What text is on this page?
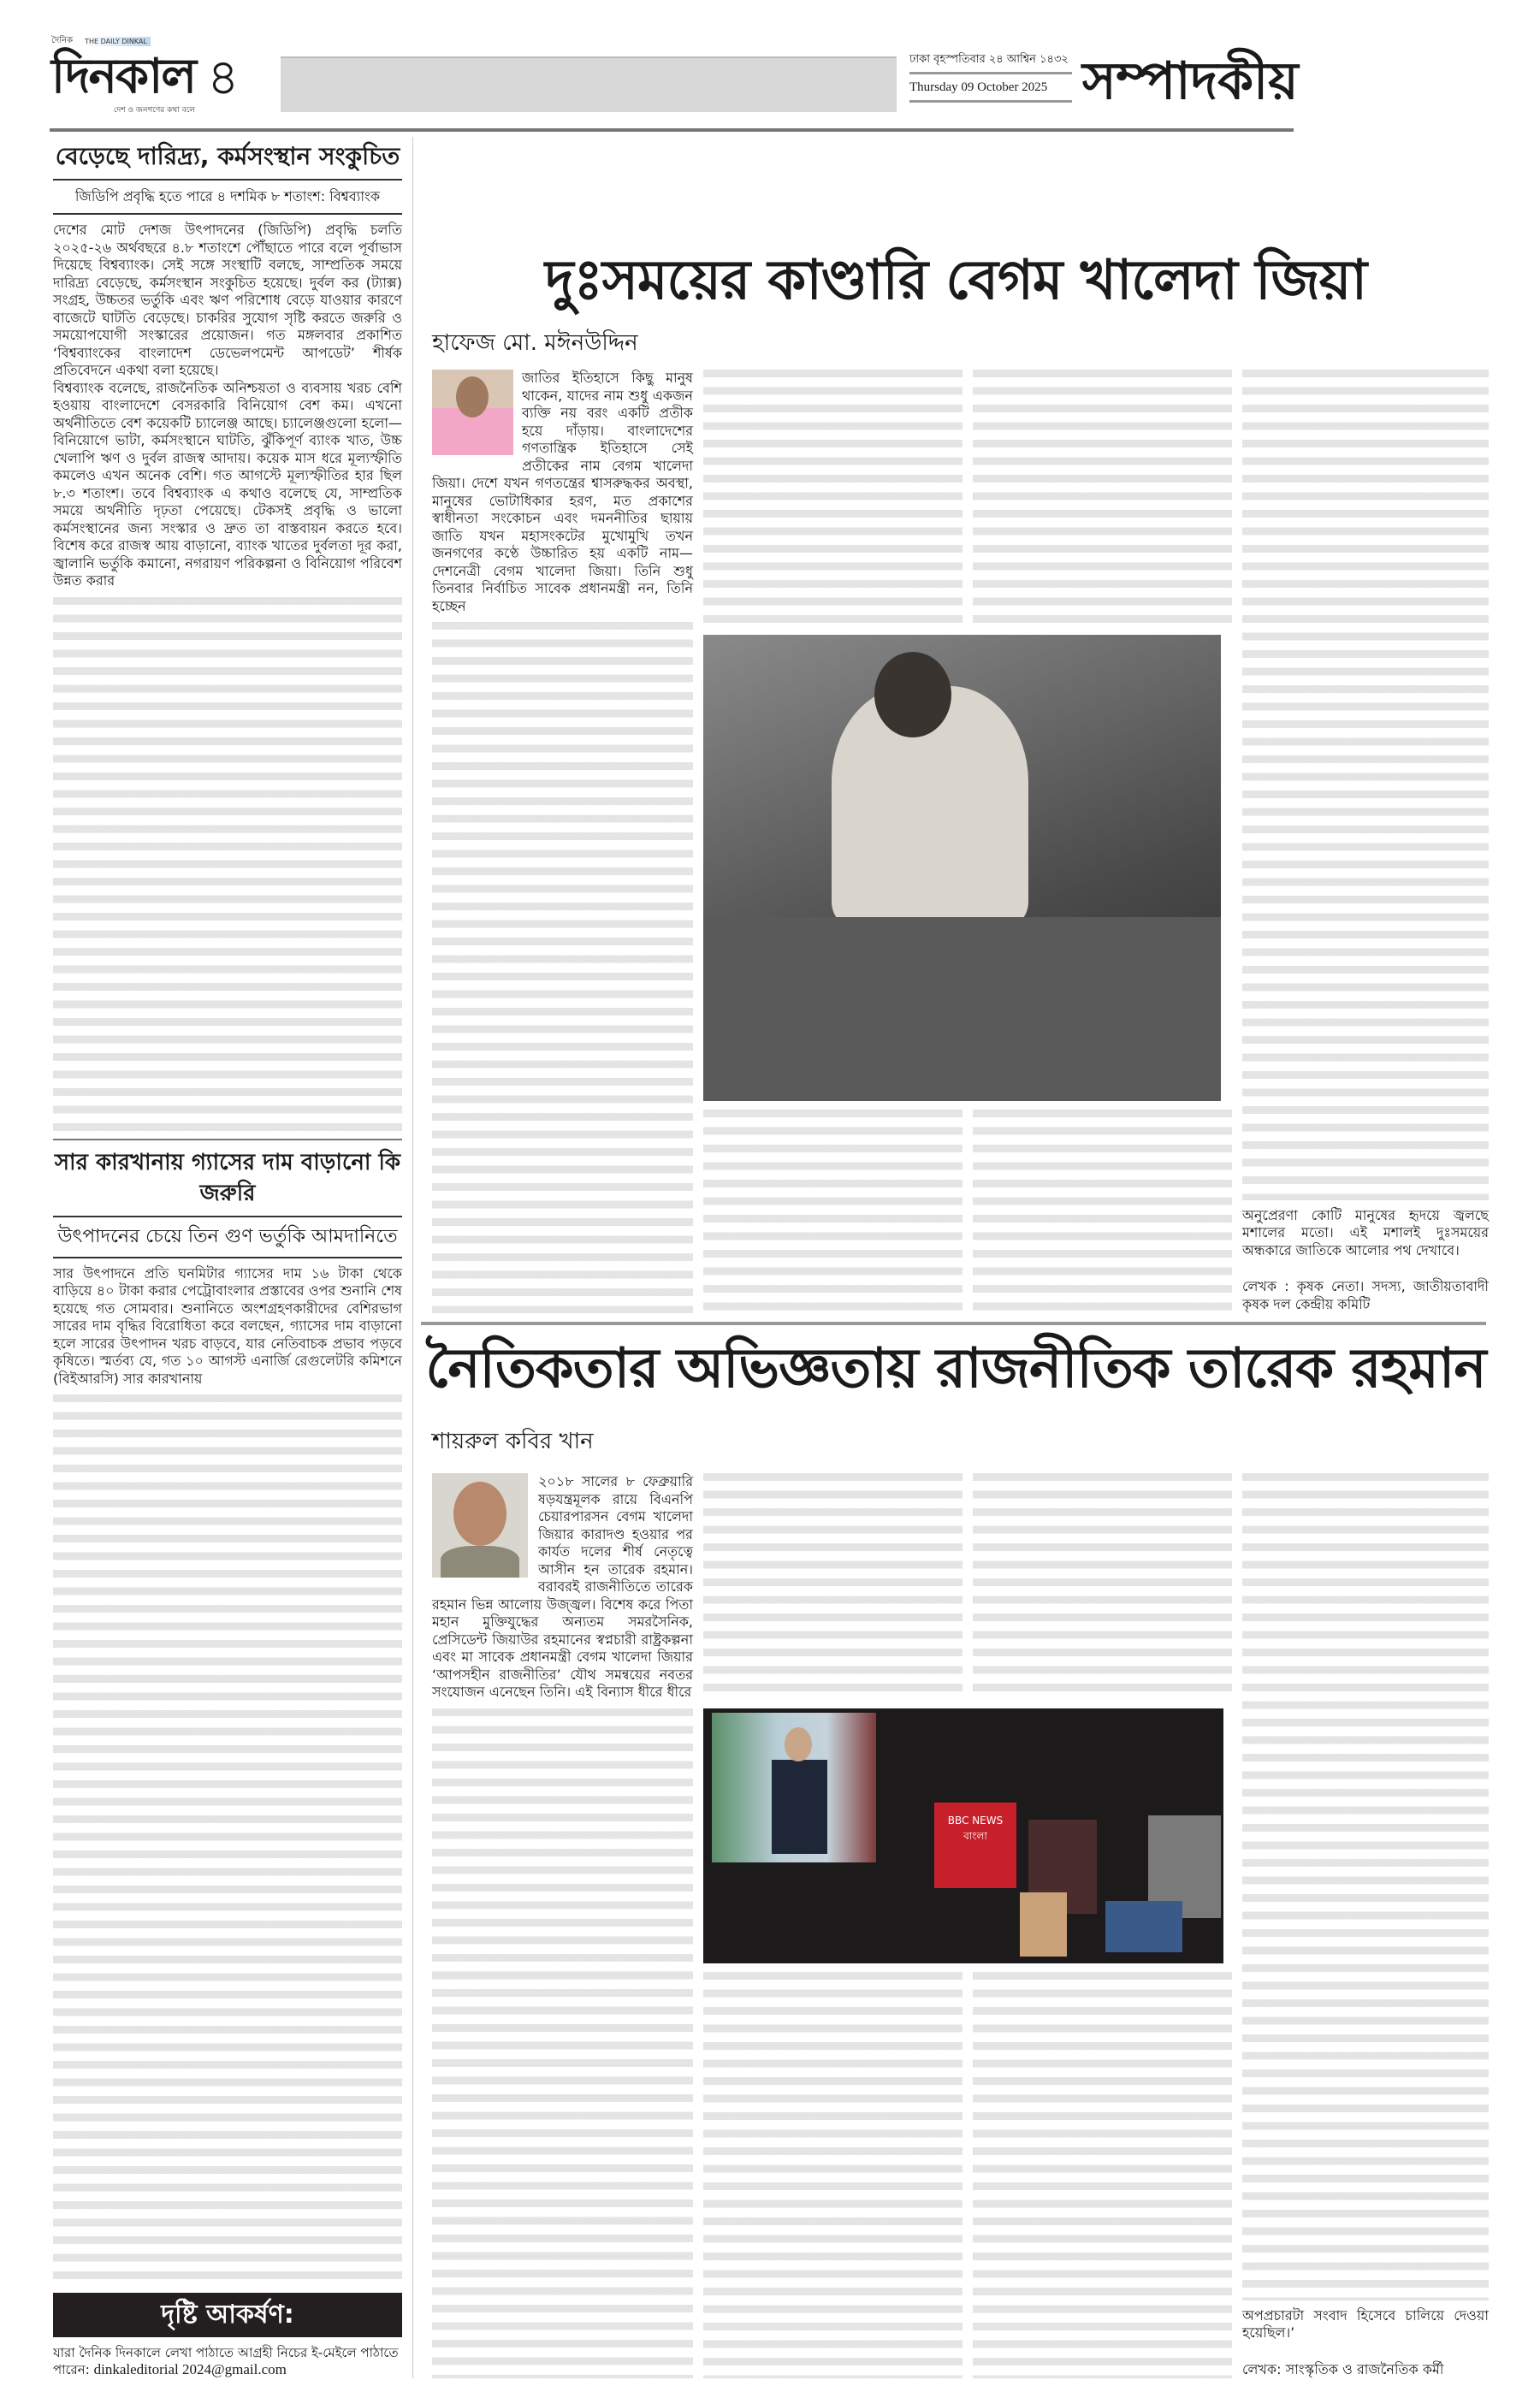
দৈনিক	THE DAILY DINKAL
দিনকাল
দেশ ও জনগণের কথা বলে
৪	ঢাকা বৃহস্পতিবার ২৪ আশ্বিন ১৪৩২
Thursday 09 October 2025 সম্পাদকীয়
বেড়েছে দারিদ্র্য, কর্মসংস্থান সংকুচিত
জিডিপি প্রবৃদ্ধি হতে পারে ৪ দশমিক ৮ শতাংশ: বিশ্বব্যাংক

দেশের মোট দেশজ উৎপাদনের (জিডিপি) প্রবৃদ্ধি চলতি ২০২৫-২৬ অর্থবছরে ৪.৮ শতাংশে পৌঁছাতে পারে বলে পূর্বাভাস দিয়েছে বিশ্বব্যাংক। সেই সঙ্গে সংস্থাটি বলছে, সাম্প্রতিক সময়ে দারিদ্র্য বেড়েছে, কর্মসংস্থান সংকুচিত হয়েছে। দুর্বল কর (ট্যাক্স) সংগ্রহ, উচ্চতর ভর্তুকি এবং ঋণ পরিশোধ বেড়ে যাওয়ার কারণে বাজেটে ঘাটতি বেড়েছে। চাকরির সুযোগ সৃষ্টি করতে জরুরি ও সময়োপযোগী সংস্কারের প্রয়োজন। গত মঙ্গলবার প্রকাশিত ‘বিশ্বব্যাংকের বাংলাদেশ ডেভেলপমেন্ট আপডেট’ শীর্ষক প্রতিবেদনে একথা বলা হয়েছে।

বিশ্বব্যাংক বলেছে, রাজনৈতিক অনিশ্চয়তা ও ব্যবসায় খরচ বেশি হওয়ায় বাংলাদেশে বেসরকারি বিনিয়োগ বেশ কম। এখনো অর্থনীতিতে বেশ কয়েকটি চ্যালেঞ্জ আছে। চ্যালেঞ্জগুলো হলো— বিনিয়োগে ভাটা, কর্মসংস্থানে ঘাটতি, ঝুঁকিপূর্ণ ব্যাংক খাত, উচ্চ খেলাপি ঋণ ও দুর্বল রাজস্ব আদায়। কয়েক মাস ধরে মূল্যস্ফীতি কমলেও এখন অনেক বেশি। গত আগস্টে মূল্যস্ফীতির হার ছিল ৮.৩ শতাংশ। তবে বিশ্বব্যাংক এ কথাও বলেছে যে, সাম্প্রতিক সময়ে অর্থনীতি দৃঢ়তা পেয়েছে। টেকসই প্রবৃদ্ধি ও ভালো কর্মসংস্থানের জন্য সংস্কার ও দ্রুত তা বাস্তবায়ন করতে হবে। বিশেষ করে রাজস্ব আয় বাড়ানো, ব্যাংক খাতের দুর্বলতা দূর করা, জ্বালানি ভর্তুকি কমানো, নগরায়ণ পরিকল্পনা ও বিনিয়োগ পরিবেশ উন্নত করার

সার কারখানায় গ্যাসের দাম বাড়ানো কি জরুরি
উৎপাদনের চেয়ে তিন গুণ ভর্তুকি আমদানিতে

সার উৎপাদনে প্রতি ঘনমিটার গ্যাসের দাম ১৬ টাকা থেকে বাড়িয়ে ৪০ টাকা করার পেট্রোবাংলার প্রস্তাবের ওপর শুনানি শেষ হয়েছে গত সোমবার। শুনানিতে অংশগ্রহণকারীদের বেশিরভাগ সারের দাম বৃদ্ধির বিরোধিতা করে বলছেন, গ্যাসের দাম বাড়ানো হলে সারের উৎপাদন খরচ বাড়বে, যার নেতিবাচক প্রভাব পড়বে কৃষিতে। স্মর্তব্য যে, গত ১০ আগস্ট এনার্জি রেগুলেটরি কমিশনে (বিইআরসি) সার কারখানায়

দৃষ্টি আকর্ষণ:
যারা দৈনিক দিনকালে লেখা পাঠাতে আগ্রহী নিচের ই-মেইলে পাঠাতে পারেন: dinkaleditorial 2024@gmail.com
দুঃসময়ের কাণ্ডারি বেগম খালেদা জিয়া
হাফেজ মো. মঈনউদ্দিন

জাতির ইতিহাসে কিছু মানুষ থাকেন, যাদের নাম শুধু একজন ব্যক্তি নয় বরং একটি প্রতীক হয়ে দাঁড়ায়। বাংলাদেশের গণতান্ত্রিক ইতিহাসে সেই প্রতীকের নাম বেগম খালেদা জিয়া। দেশে যখন গণতন্ত্রের শ্বাসরুদ্ধকর অবস্থা, মানুষের ভোটাধিকার হরণ, মত প্রকাশের স্বাধীনতা সংকোচন এবং দমননীতির ছায়ায় জাতি যখন মহাসংকটের মুখোমুখি তখন জনগণের কণ্ঠে উচ্চারিত হয় একটি নাম— দেশনেত্রী বেগম খালেদা জিয়া। তিনি শুধু তিনবার নির্বাচিত সাবেক প্রধানমন্ত্রী নন, তিনি হচ্ছেন

অনুপ্রেরণা কোটি মানুষের হৃদয়ে জ্বলছে মশালের মতো। এই মশালই দুঃসময়ের অন্ধকারে জাতিকে আলোর পথ দেখাবে।
লেখক : কৃষক নেতা। সদস্য, জাতীয়তাবাদী কৃষক দল কেন্দ্রীয় কমিটি
নৈতিকতার অভিজ্ঞতায় রাজনীতিক তারেক রহমান
শায়রুল কবির খান

২০১৮ সালের ৮ ফেব্রুয়ারি ষড়যন্ত্রমূলক রায়ে বিএনপি চেয়ারপারসন বেগম খালেদা জিয়ার কারাদণ্ড হওয়ার পর কার্যত দলের শীর্ষ নেতৃত্বে আসীন হন তারেক রহমান। বরাবরই রাজনীতিতে তারেক রহমান ভিন্ন আলোয় উজ্জ্বল। বিশেষ করে পিতা মহান মুক্তিযুদ্ধের অন্যতম সমরসৈনিক, প্রেসিডেন্ট জিয়াউর রহমানের স্বপ্নচারী রাষ্ট্রকল্পনা এবং মা সাবেক প্রধানমন্ত্রী বেগম খালেদা জিয়ার ‘আপসহীন রাজনীতির’ যৌথ সমন্বয়ের নবতর সংযোজন এনেছেন তিনি। এই বিন্যাস ধীরে ধীরে

BBC NEWS বাংলা
অপপ্রচারটা সংবাদ হিসেবে চালিয়ে দেওয়া হয়েছিল।’
লেখক: সাংস্কৃতিক ও রাজনৈতিক কর্মী
